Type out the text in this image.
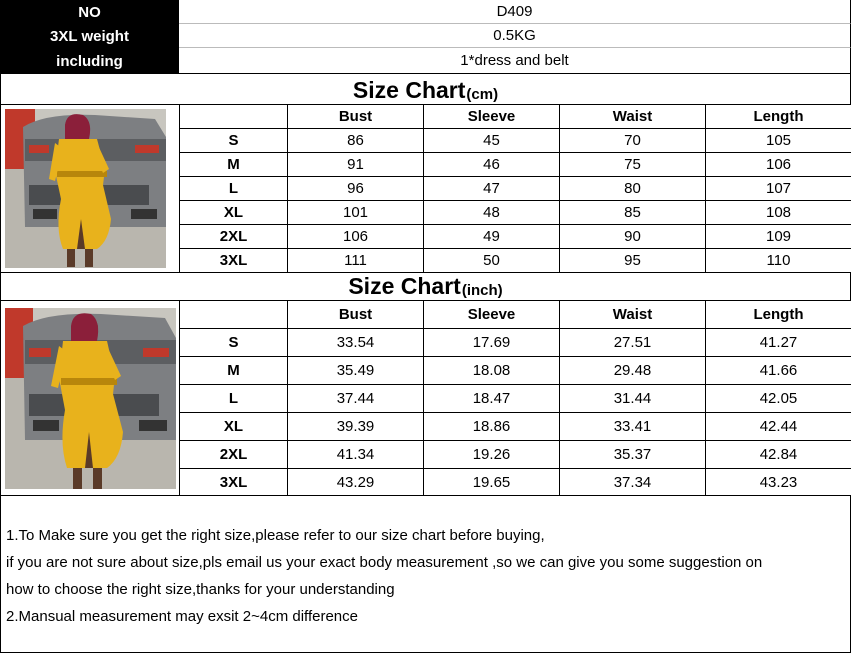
NO	D409
3XL weight	0.5KG
including	1*dress and belt
Size Chart (cm)
		Bust	Sleeve	Waist	Length
	S	86	45	70	105
	M	91	46	75	106
	L	96	47	80	107
	XL	101	48	85	108
	2XL	106	49	90	109
	3XL	111	50	95	110
Size Chart (inch)
		Bust	Sleeve	Waist	Length
	S	33.54	17.69	27.51	41.27
	M	35.49	18.08	29.48	41.66
	L	37.44	18.47	31.44	42.05
	XL	39.39	18.86	33.41	42.44
	2XL	41.34	19.26	35.37	42.84
	3XL	43.29	19.65	37.34	43.23

1.To Make sure you get the right size,please refer to our size chart before buying,

if you are not sure about size,pls email us your exact body measurement ,so we can give you some suggestion on

how to choose the right size,thanks for your understanding

2.Mansual measurement may exsit 2~4cm difference
